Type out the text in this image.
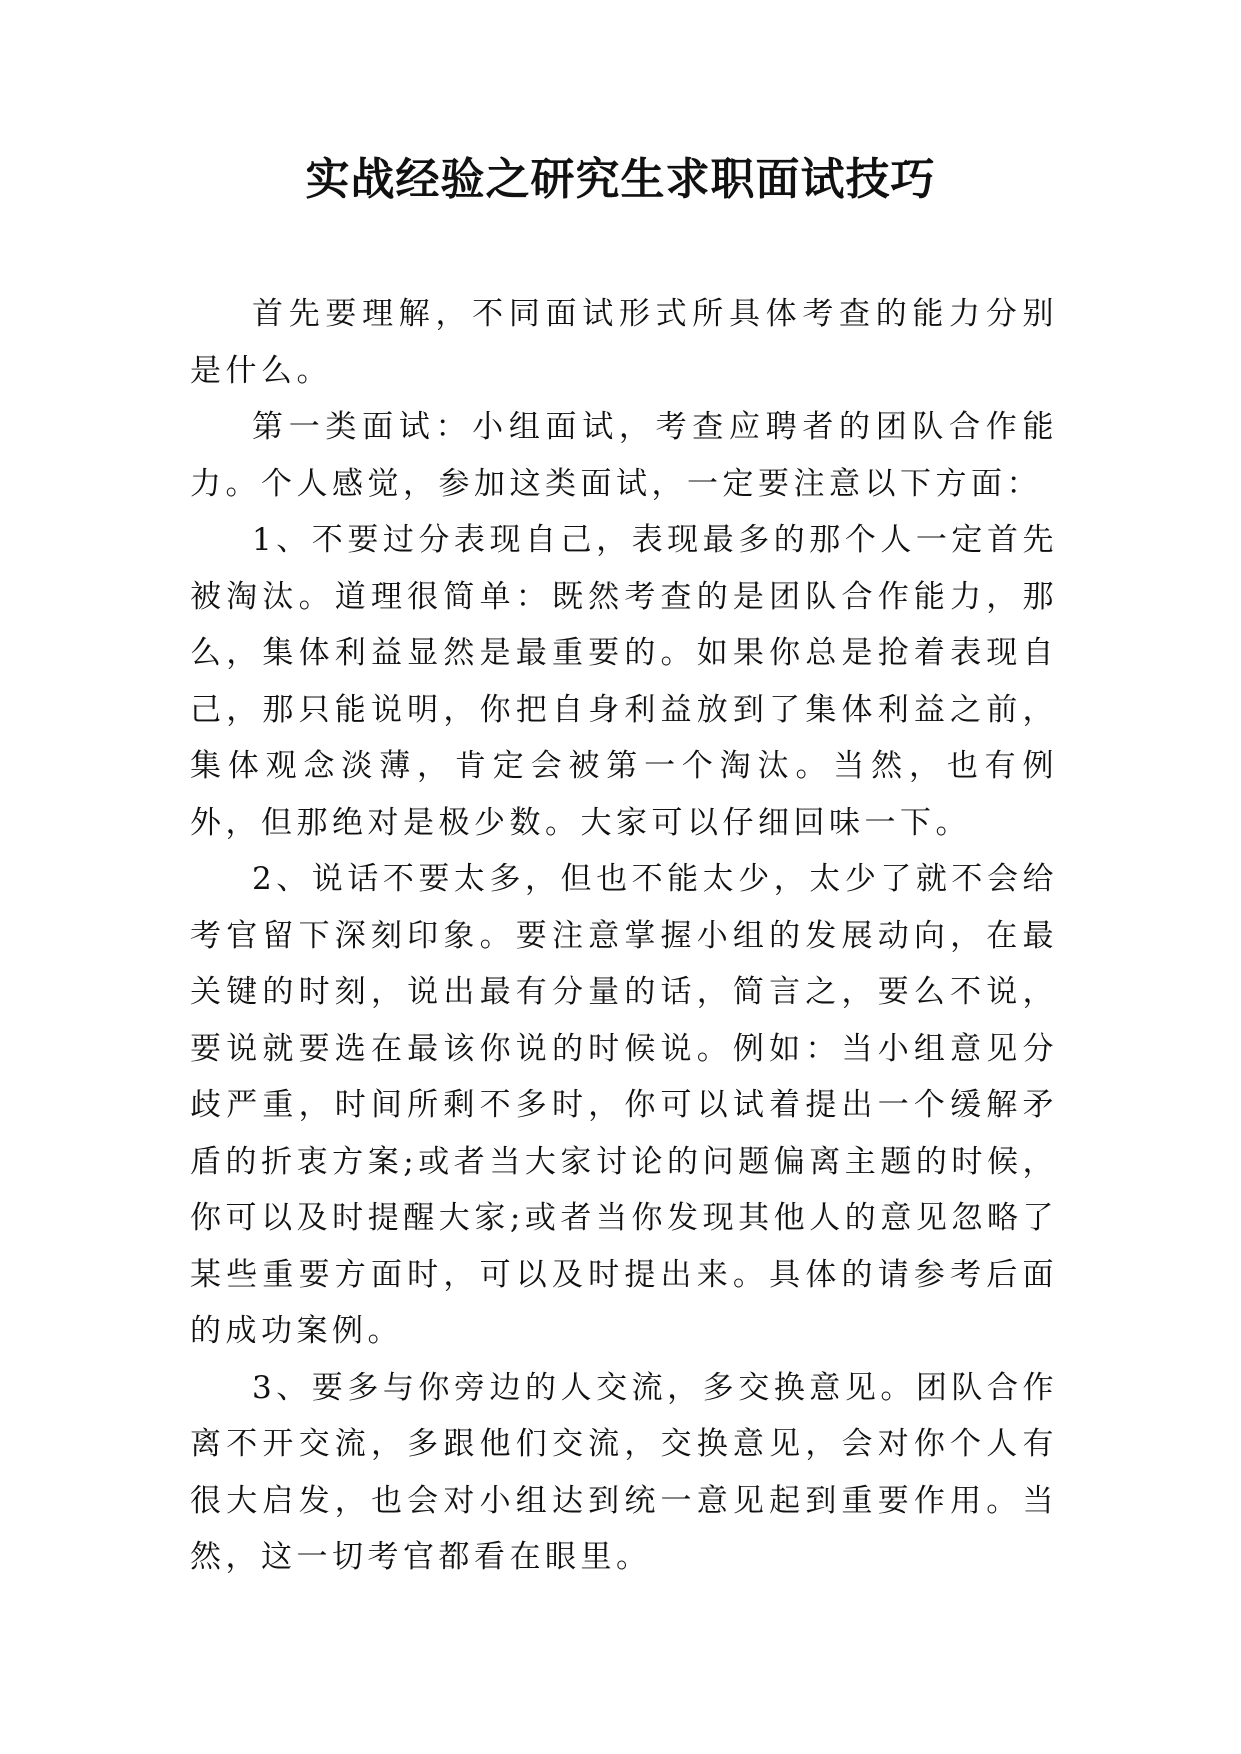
实战经验之研究生求职面试技巧

首先要理解，不同面试形式所具体考查的能力分别是什么。

第一类面试：小组面试，考查应聘者的团队合作能力。个人感觉，参加这类面试，一定要注意以下方面：

1、不要过分表现自己，表现最多的那个人一定首先被淘汰。道理很简单：既然考查的是团队合作能力，那么，集体利益显然是最重要的。如果你总是抢着表现自己，那只能说明，你把自身利益放到了集体利益之前，集体观念淡薄，肯定会被第一个淘汰。当然，也有例外，但那绝对是极少数。大家可以仔细回味一下。

2、说话不要太多，但也不能太少，太少了就不会给考官留下深刻印象。要注意掌握小组的发展动向，在最关键的时刻，说出最有分量的话，简言之，要么不说，要说就要选在最该你说的时候说。例如：当小组意见分歧严重，时间所剩不多时，你可以试着提出一个缓解矛盾的折衷方案;或者当大家讨论的问题偏离主题的时候，你可以及时提醒大家;或者当你发现其他人的意见忽略了某些重要方面时，可以及时提出来。具体的请参考后面的成功案例。

3、要多与你旁边的人交流，多交换意见。团队合作离不开交流，多跟他们交流，交换意见，会对你个人有很大启发，也会对小组达到统一意见起到重要作用。当然，这一切考官都看在眼里。
